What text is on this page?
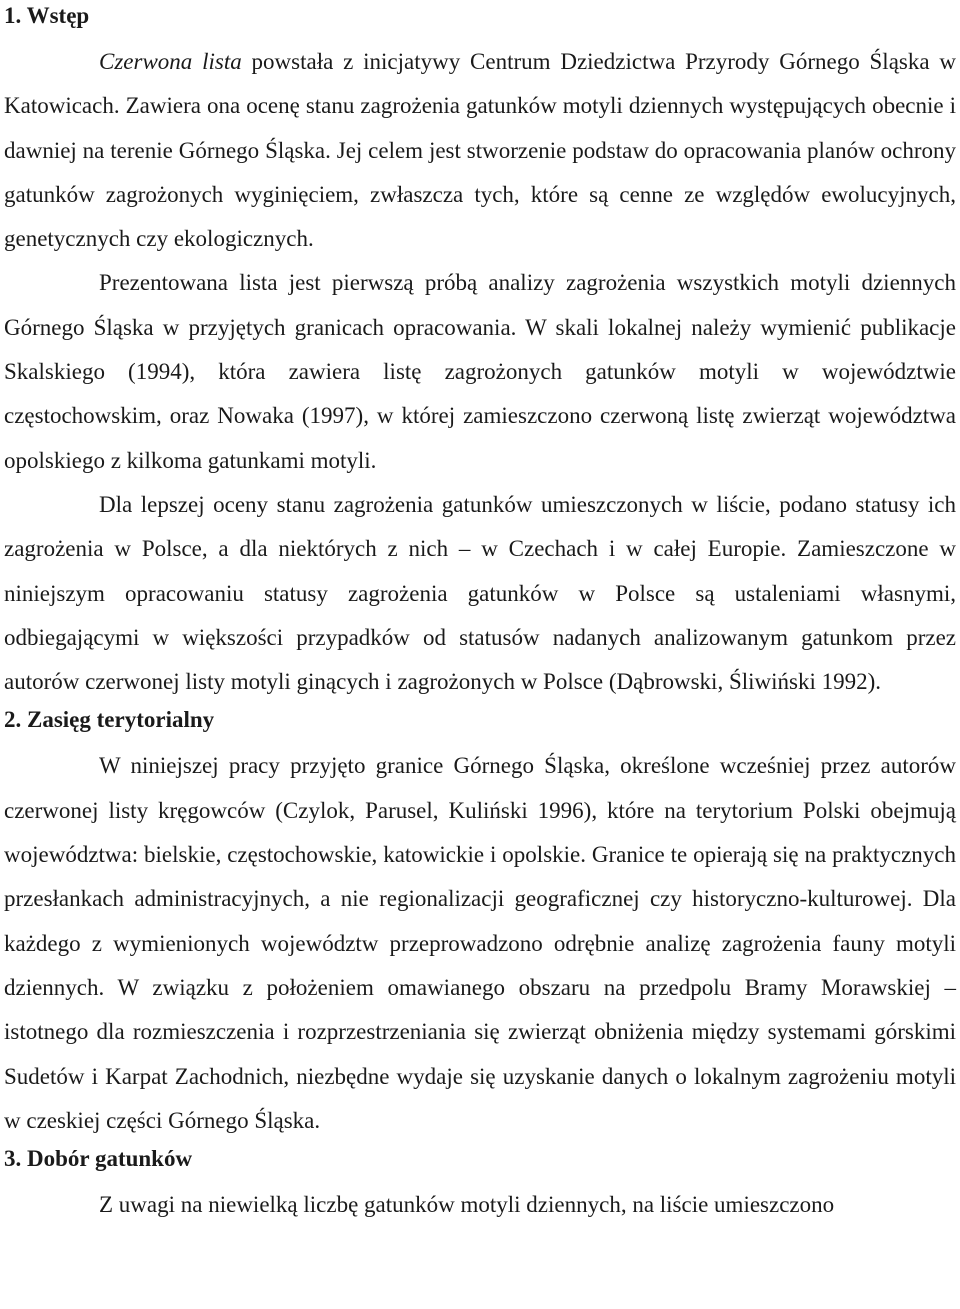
1. Wstęp

Czerwona lista powstała z inicjatywy Centrum Dziedzictwa Przyrody Górnego Śląska w Katowicach. Zawiera ona ocenę stanu zagrożenia gatunków motyli dziennych występujących obecnie i dawniej na terenie Górnego Śląska. Jej celem jest stworzenie podstaw do opracowania planów ochrony gatunków zagrożonych wyginięciem, zwłaszcza tych, które są cenne ze względów ewolucyjnych, genetycznych czy ekologicznych.

Prezentowana lista jest pierwszą próbą analizy zagrożenia wszystkich motyli dziennych Górnego Śląska w przyjętych granicach opracowania. W skali lokalnej należy wymienić publikacje Skalskiego (1994), która zawiera listę zagrożonych gatunków motyli w województwie częstochowskim, oraz Nowaka (1997), w której zamieszczono czerwoną listę zwierząt województwa opolskiego z kilkoma gatunkami motyli.

Dla lepszej oceny stanu zagrożenia gatunków umieszczonych w liście, podano statusy ich zagrożenia w Polsce, a dla niektórych z nich – w Czechach i w całej Europie. Zamieszczone w niniejszym opracowaniu statusy zagrożenia gatunków w Polsce są ustaleniami własnymi, odbiegającymi w większości przypadków od statusów nadanych analizowanym gatunkom przez autorów czerwonej listy motyli ginących i zagrożonych w Polsce (Dąbrowski, Śliwiński 1992).

2. Zasięg terytorialny

W niniejszej pracy przyjęto granice Górnego Śląska, określone wcześniej przez autorów czerwonej listy kręgowców (Czylok, Parusel, Kuliński 1996), które na terytorium Polski obejmują województwa: bielskie, częstochowskie, katowickie i opolskie. Granice te opierają się na praktycznych przesłankach administracyjnych, a nie regionalizacji geograficznej czy historyczno-kulturowej. Dla każdego z wymienionych województw przeprowadzono odrębnie analizę zagrożenia fauny motyli dziennych. W związku z położeniem omawianego obszaru na przedpolu Bramy Morawskiej – istotnego dla rozmieszczenia i rozprzestrzeniania się zwierząt obniżenia między systemami górskimi Sudetów i Karpat Zachodnich, niezbędne wydaje się uzyskanie danych o lokalnym zagrożeniu motyli w czeskiej części Górnego Śląska.

3. Dobór gatunków

Z uwagi na niewielką liczbę gatunków motyli dziennych, na liście umieszczono
